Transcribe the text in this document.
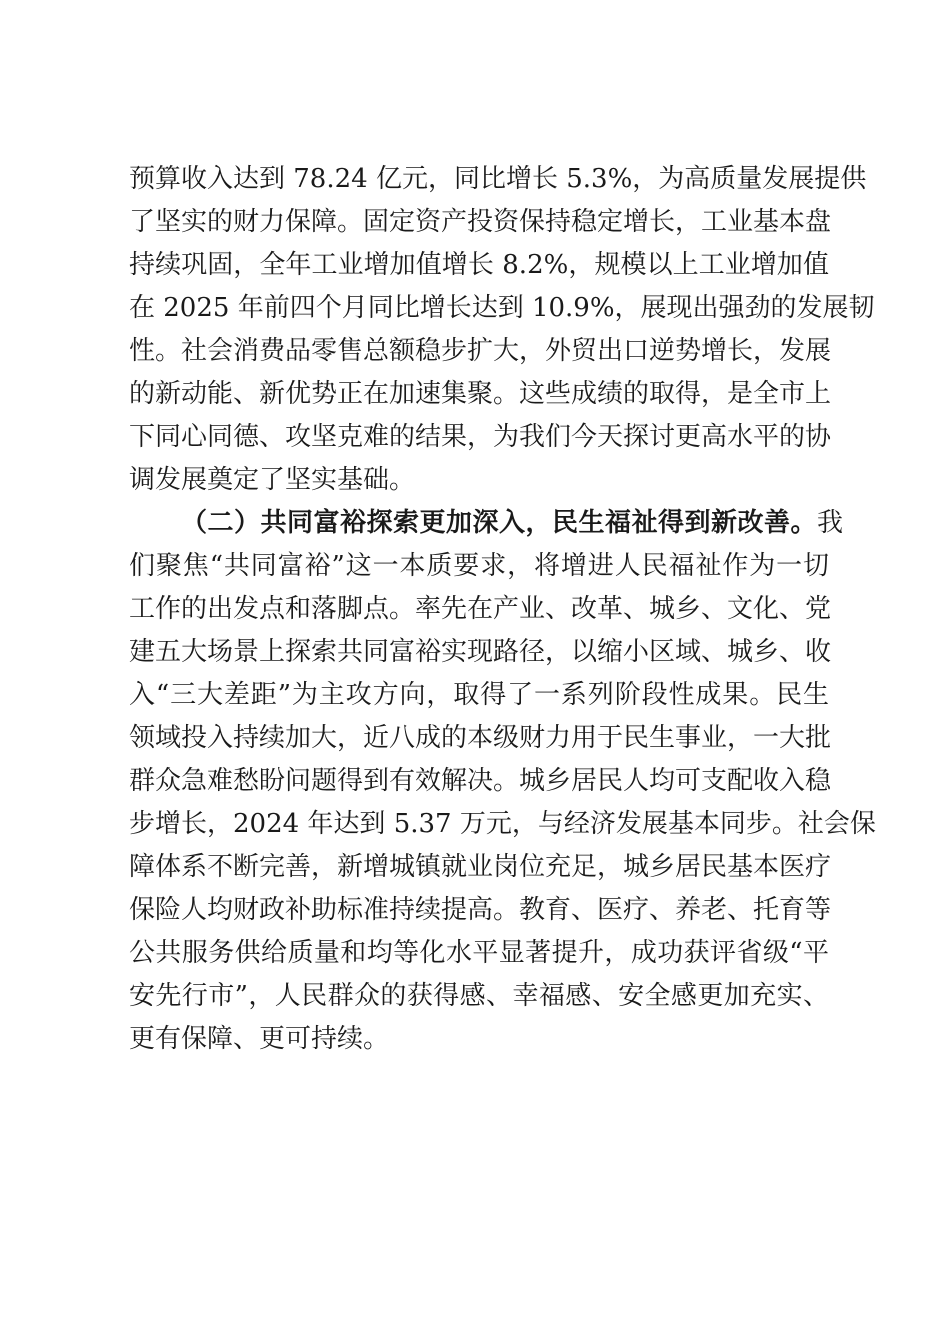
预算收入达到 78.24 亿元，同比增长 5.3%，为高质量发展提供
了坚实的财力保障。固定资产投资保持稳定增长，工业基本盘
持续巩固，全年工业增加值增长 8.2%，规模以上工业增加值
在 2025 年前四个月同比增长达到 10.9%，展现出强劲的发展韧
性。社会消费品零售总额稳步扩大，外贸出口逆势增长，发展
的新动能、新优势正在加速集聚。这些成绩的取得，是全市上
下同心同德、攻坚克难的结果，为我们今天探讨更高水平的协
调发展奠定了坚实基础。
（二）共同富裕探索更加深入，民生福祉得到新改善。 我
们聚焦“共同富裕”这一本质要求，将增进人民福祉作为一切
工作的出发点和落脚点。率先在产业、改革、城乡、文化、党
建五大场景上探索共同富裕实现路径，以缩小区域、城乡、收
入“三大差距”为主攻方向，取得了一系列阶段性成果。民生
领域投入持续加大，近八成的本级财力用于民生事业，一大批
群众急难愁盼问题得到有效解决。城乡居民人均可支配收入稳
步增长，2024 年达到 5.37 万元，与经济发展基本同步。社会保
障体系不断完善，新增城镇就业岗位充足，城乡居民基本医疗
保险人均财政补助标准持续提高。教育、医疗、养老、托育等
公共服务供给质量和均等化水平显著提升，成功获评省级“平
安先行市”，人民群众的获得感、幸福感、安全感更加充实、
更有保障、更可持续。
